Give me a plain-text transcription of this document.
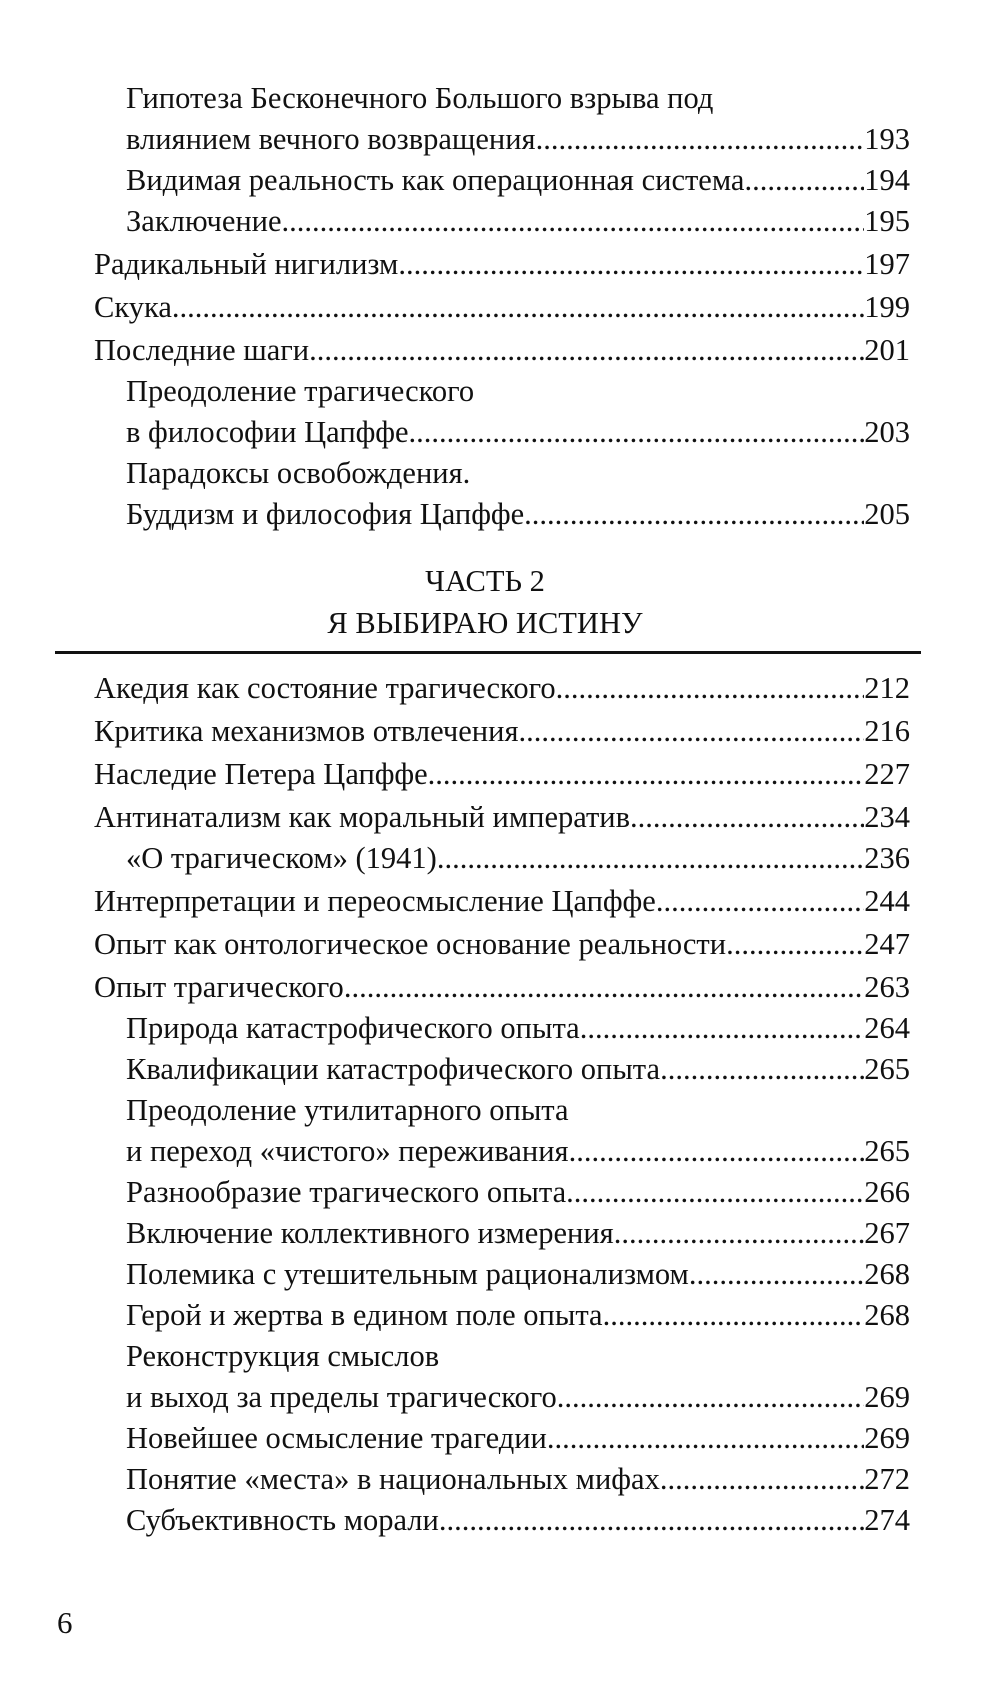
Гипотеза Бесконечного Большого взрыва под
влиянием вечного возвращения .....	193
Видимая реальность как операционная система .....	194
Заключение .....	195
Радикальный нигилизм .....	197
Скука .....	199
Последние шаги .....	201
Преодоление трагического
в философии Цапффе .....	203
Парадоксы освобождения.
Буддизм и философия Цапффе .....	205
ЧАСТЬ 2
Я ВЫБИРАЮ ИСТИНУ
Акедия как состояние трагического .....	212
Критика механизмов отвлечения .....	216
Наследие Петера Цапффе .....	227
Антинатализм как моральный императив .....	234
«О трагическом» (1941) .....	236
Интерпретации и переосмысление Цапффе .....	244
Опыт как онтологическое основание реальности .....	247
Опыт трагического .....	263
Природа катастрофического опыта .....	264
Квалификации катастрофического опыта .....	265
Преодоление утилитарного опыта
и переход «чистого» переживания .....	265
Разнообразие трагического опыта .....	266
Включение коллективного измерения .....	267
Полемика с утешительным рационализмом .....	268
Герой и жертва в едином поле опыта .....	268
Реконструкция смыслов
и выход за пределы трагического .....	269
Новейшее осмысление трагедии .....	269
Понятие «места» в национальных мифах .....	272
Субъективность морали .....	274
6
